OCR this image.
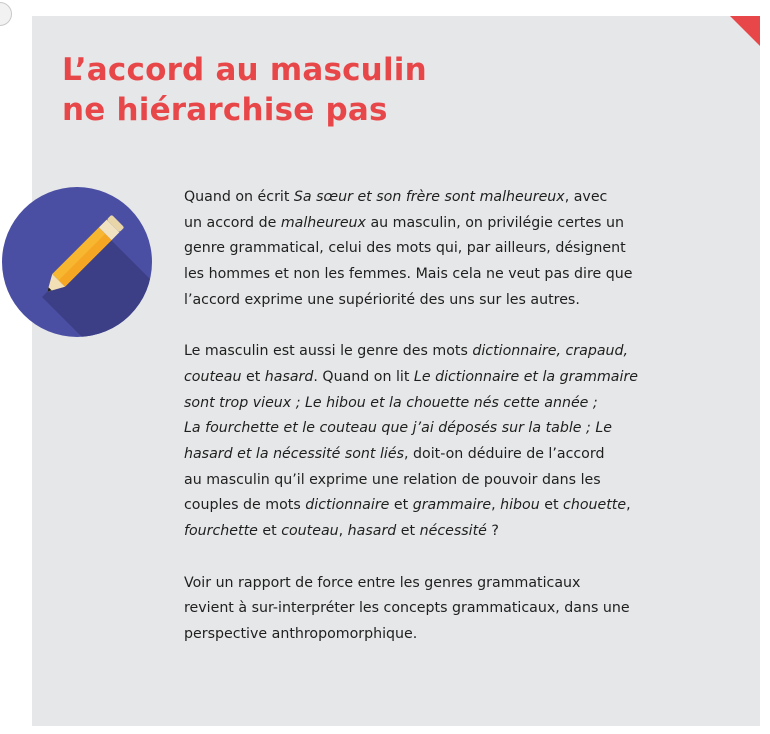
L’accord au masculin
ne hiérarchise pas

Quand on écrit Sa sœur et son frère sont malheureux, avec
un accord de malheureux au masculin, on privilégie certes un
genre grammatical, celui des mots qui, par ailleurs, désignent
les hommes et non les femmes. Mais cela ne veut pas dire que
l’accord exprime une supériorité des uns sur les autres.

Le masculin est aussi le genre des mots dictionnaire, crapaud,
couteau et hasard. Quand on lit Le dictionnaire et la grammaire
sont trop vieux ; Le hibou et la chouette nés cette année ;
La fourchette et le couteau que j’ai déposés sur la table ; Le
hasard et la nécessité sont liés, doit-on déduire de l’accord
au masculin qu’il exprime une relation de pouvoir dans les
couples de mots dictionnaire et grammaire, hibou et chouette,
fourchette et couteau, hasard et nécessité ?

Voir un rapport de force entre les genres grammaticaux
revient à sur-interpréter les concepts grammaticaux, dans une
perspective anthropomorphique.
